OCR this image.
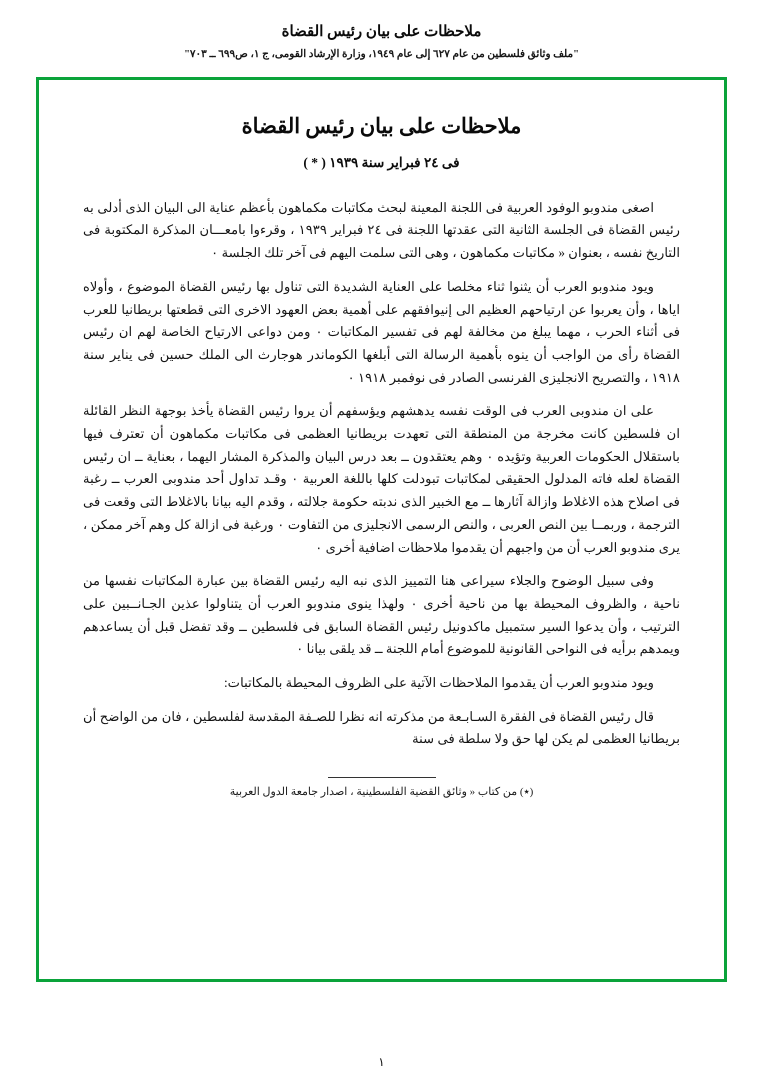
ملاحظات على بيان رئيس القضاة
"ملف وثائق فلسطين من عام ٦٢٧ إلى عام ١٩٤٩، وزارة الإرشاد القومى، ج ١، ص٦٩٩ ــ ٧٠٣"
ملاحظات على بيان رئيس القضاة
فى ٢٤ فبراير سنة ١٩٣٩ ( * )

اصغى مندوبو الوفود العربية فى اللجنة المعينة لبحث مكاتبات مكماهون بأعظم عناية الى البيان الذى أدلى به رئيس القضاة فى الجلسة الثانية التى عقدتها اللجنة فى ٢٤ فبراير ١٩٣٩ ، وقرءوا بامعـــان المذكرة المكتوبة فى التاريخ نفسه ، بعنوان « مكاتبات مكماهون ، وهى التى سلمت اليهم فى آخر تلك الجلسة ٠

ويود مندوبو العرب أن يثنوا ثناء مخلصا على العناية الشديدة التى تناول بها رئيس القضاة الموضوع ، وأولاه اياها ، وأن يعربوا عن ارتياحهم العظيم الى إنيوافقهم على أهمية بعض العهود الاخرى التى قطعتها بريطانيا للعرب فى أثناء الحرب ، مهما يبلغ من مخالفة لهم فى تفسير المكاتبات ٠ ومن دواعى الارتياح الخاصة لهم ان رئيس القضاة رأى من الواجب أن ينوه بأهمية الرسالة التى أبلغها الكوماندر هوجارث الى الملك حسين فى يناير سنة ١٩١٨ ، والتصريح الانجليزى الفرنسى الصادر فى نوفمبر ١٩١٨ ٠

على ان مندوبى العرب فى الوقت نفسه يدهشهم ويؤسفهم أن يروا رئيس القضاة يأخذ بوجهة النظر القائلة ان فلسطين كانت مخرجة من المنطقة التى تعهدت بريطانيا العظمى فى مكاتبات مكماهون أن تعترف فيها باستقلال الحكومات العربية وتؤيده ٠ وهم يعتقدون ــ بعد درس البيان والمذكرة المشار اليهما ، بعناية ــ ان رئيس القضاة لعله فاته المدلول الحقيقى لمكاتبات تبودلت كلها باللغة العربية ٠ وقـد تداول أحد مندوبى العرب ــ رغبة فى اصلاح هذه الاغلاط وازالة آثارها ــ مع الخبير الذى ندبته حكومة جلالته ، وقدم اليه بيانا بالاغلاط التى وقعت فى الترجمة ، وربمــا بين النص العربى ، والنص الرسمى الانجليزى من التفاوت ٠ ورغبة فى ازالة كل وهم آخر ممكن ، يرى مندوبو العرب أن من واجبهم أن يقدموا ملاحظات اضافية أخرى ٠

وفى سبيل الوضوح والجلاء سيراعى هنا التمييز الذى نبه اليه رئيس القضاة بين عبارة المكاتبات نفسها من ناحية ، والظروف المحيطة بها من ناحية أخرى ٠ ولهذا ينوى مندوبو العرب أن يتناولوا عذين الجـانــبين على الترتيب ، وأن يدعوا السير ستمبيل ماكدونيل رئيس القضاة السابق فى فلسطين ــ وقد تفضل قبل أن يساعدهم ويمدهم برأيه فى النواحى القانونية للموضوع أمام اللجنة ــ قد يلقى بيانا ٠

ويود مندوبو العرب أن يقدموا الملاحظات الآتية على الظروف المحيطة بالمكاتبات:

قال رئيس القضاة فى الفقرة السـابـعة من مذكرته انه نظرا للصـفة المقدسة لفلسطين ، فان من الواضح أن بريطانيا العظمى لم يكن لها حق ولا سلطة فى سنة

(٭) من كتاب « وثائق القضية الفلسطينية ، اصدار جامعة الدول العربية
١
